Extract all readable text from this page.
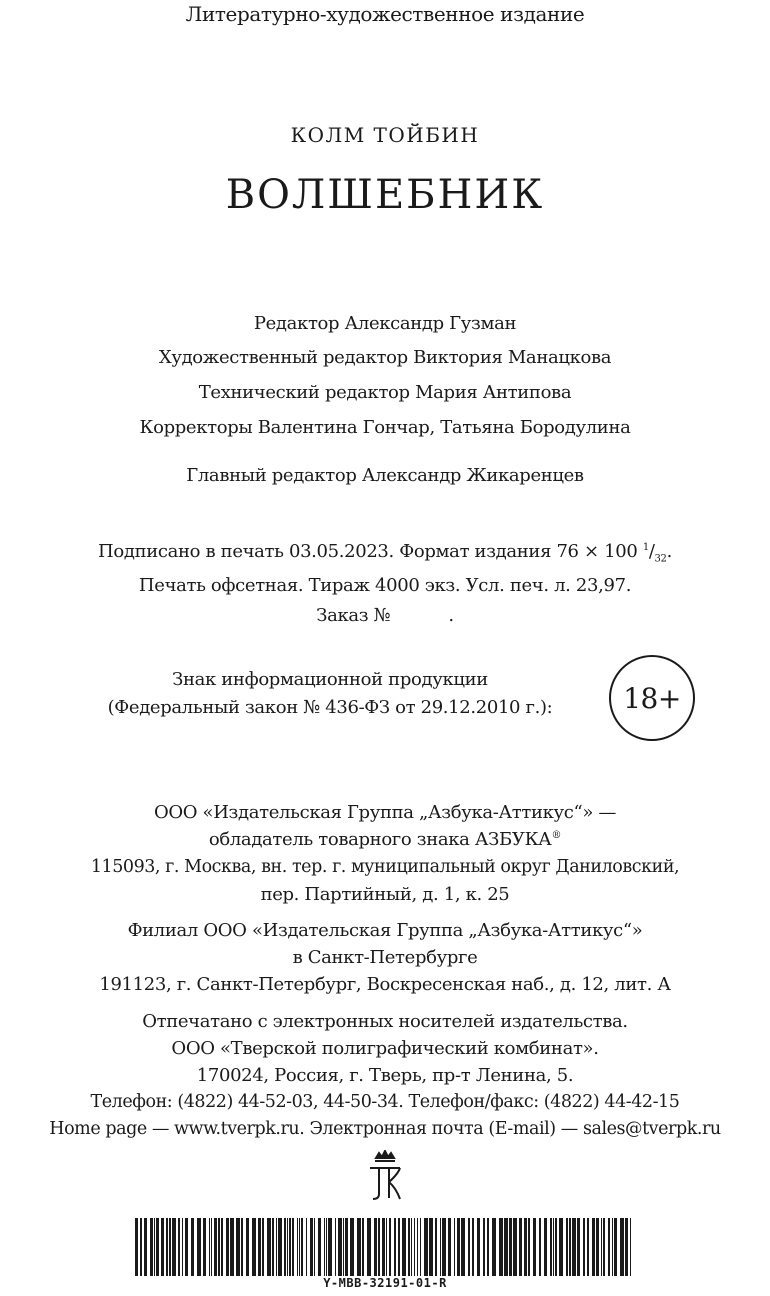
Литературно-художественное издание
КОЛМ ТОЙБИН
ВОЛШЕБНИК
Редактор Александр Гузман
Художественный редактор Виктория Манацкова
Технический редактор Мария Антипова
Корректоры Валентина Гончар, Татьяна Бородулина
Главный редактор Александр Жикаренцев
Подписано в печать 03.05.2023. Формат издания 76 × 100 $^1/_{32}$.
Печать офсетная. Тираж 4000 экз. Усл. печ. л. 23,97.
Заказ №	.
Знак информационной продукции
(Федеральный закон № 436-ФЗ от 29.12.2010 г.):	18+
ООО «Издательская Группа „Азбука-Аттикус“» —
обладатель товарного знака АЗБУКА®
115093, г. Москва, вн. тер. г. муниципальный округ Даниловский,
пер. Партийный, д. 1, к. 25
Филиал ООО «Издательская Группа „Азбука-Аттикус“»
в Санкт-Петербурге
191123, г. Санкт-Петербург, Воскресенская наб., д. 12, лит. А
Отпечатано с электронных носителей издательства.
ООО «Тверской полиграфический комбинат».
170024, Россия, г. Тверь, пр-т Ленина, 5.
Телефон: (4822) 44-52-03, 44-50-34. Телефон/факс: (4822) 44-42-15
Home page — www.tverpk.ru. Электронная почта (E-mail) — sales@tverpk.ru
Y-MBB-32191-01-R
